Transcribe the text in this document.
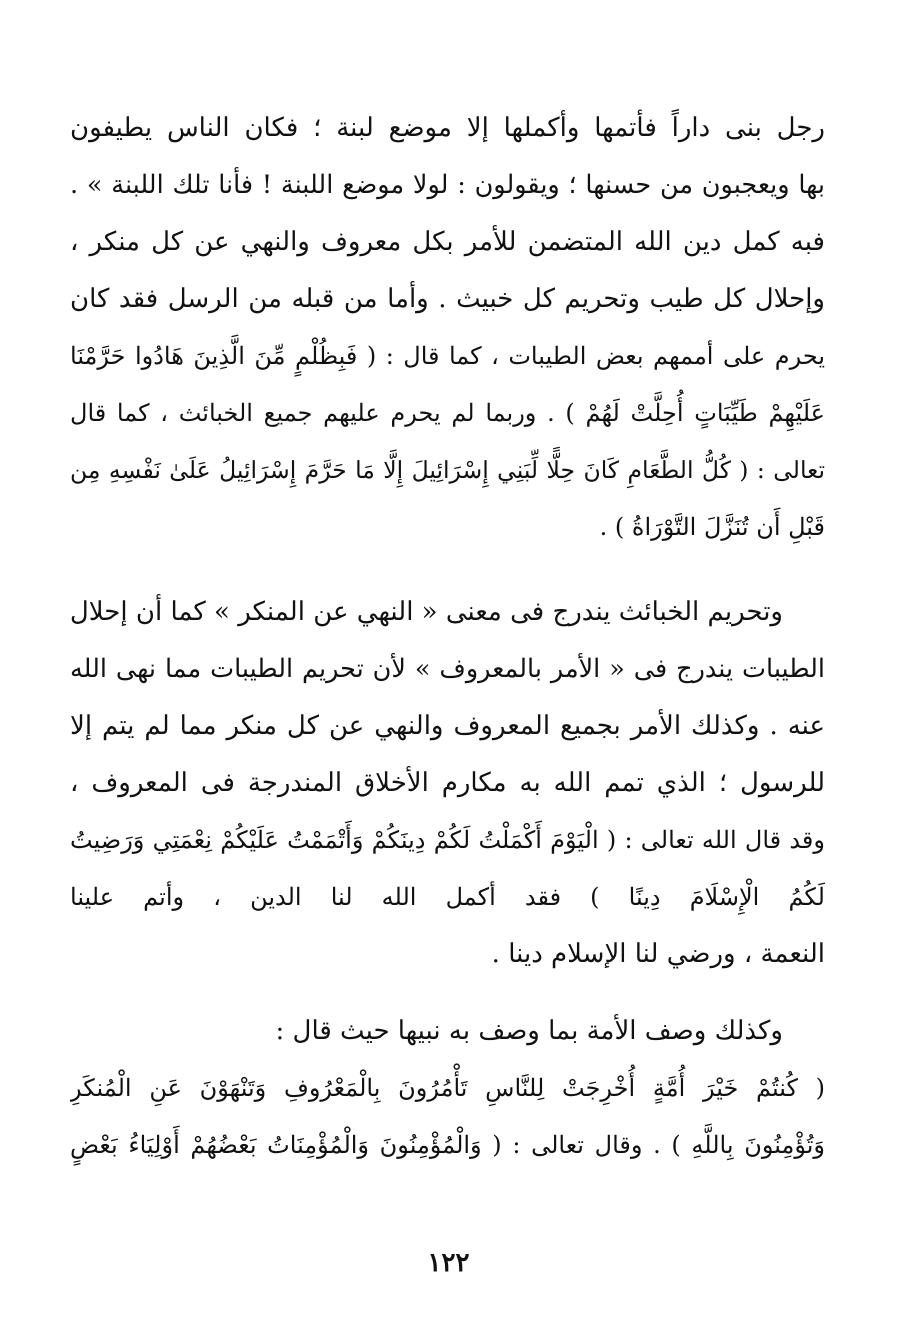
رجل بنى داراً فأتمها وأكملها إلا موضع لبنة ؛ فكان الناس يطيفون
بها ويعجبون من حسنها ؛ ويقولون : لولا موضع اللبنة ! فأنا تلك اللبنة » .
فبه كمل دين الله المتضمن للأمر بكل معروف والنهي عن كل منكر ،
وإحلال كل طيب وتحريم كل خبيث . وأما من قبله من الرسل فقد كان
يحرم على أممهم بعض الطيبات ، كما قال : ( فَبِظُلْمٍ مِّنَ الَّذِينَ هَادُوا حَرَّمْنَا
عَلَيْهِمْ طَيِّبَاتٍ أُحِلَّتْ لَهُمْ ) . وربما لم يحرم عليهم جميع الخبائث ، كما قال
تعالى : ( كُلُّ الطَّعَامِ كَانَ حِلًّا لِّبَنِي إِسْرَائِيلَ إِلَّا مَا حَرَّمَ إِسْرَائِيلُ عَلَىٰ نَفْسِهِ مِن
قَبْلِ أَن تُنَزَّلَ التَّوْرَاةُ ) .
وتحريم الخبائث يندرج فى معنى « النهي عن المنكر » كما أن إحلال
الطيبات يندرج فى « الأمر بالمعروف » لأن تحريم الطيبات مما نهى الله
عنه . وكذلك الأمر بجميع المعروف والنهي عن كل منكر مما لم يتم إلا
للرسول ؛ الذي تمم الله به مكارم الأخلاق المندرجة فى المعروف ،
وقد قال الله تعالى : ( الْيَوْمَ أَكْمَلْتُ لَكُمْ دِينَكُمْ وَأَتْمَمْتُ عَلَيْكُمْ نِعْمَتِي وَرَضِيتُ
لَكُمُ الْإِسْلَامَ دِينًا ) فقد أكمل الله لنا الدين ، وأتم علينا
النعمة ، ورضي لنا الإسلام دينا .
وكذلك وصف الأمة بما وصف به نبيها حيث قال :
( كُنتُمْ خَيْرَ أُمَّةٍ أُخْرِجَتْ لِلنَّاسِ تَأْمُرُونَ بِالْمَعْرُوفِ وَتَنْهَوْنَ عَنِ الْمُنكَرِ
وَتُؤْمِنُونَ بِاللَّهِ ) . وقال تعالى : ( وَالْمُؤْمِنُونَ وَالْمُؤْمِنَاتُ بَعْضُهُمْ أَوْلِيَاءُ بَعْضٍ
١٢٢
